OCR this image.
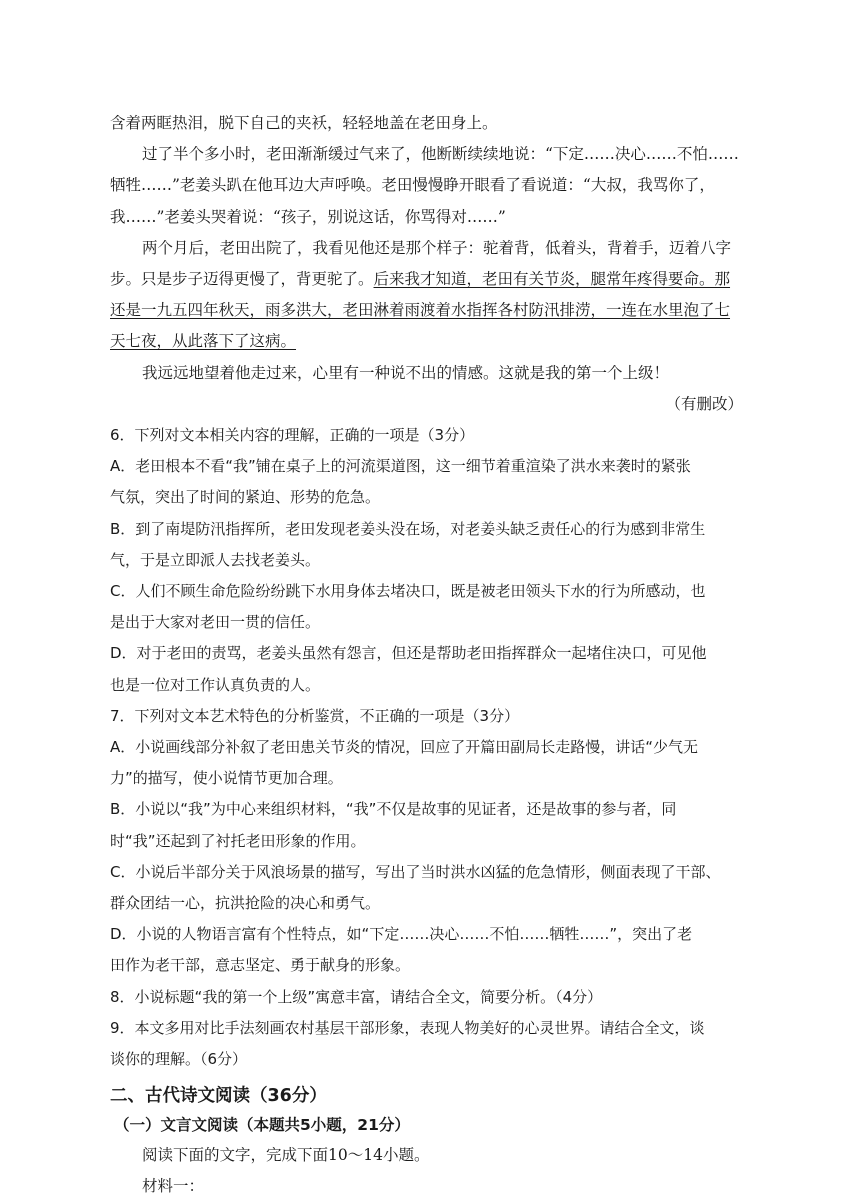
含着两眶热泪，脱下自己的夹袄，轻轻地盖在老田身上。
过了半个多小时，老田渐渐缓过气来了，他断断续续地说：“下定……决心……不怕……
牺牲……”老姜头趴在他耳边大声呼唤。老田慢慢睁开眼看了看说道：“大叔，我骂你了，
我……”老姜头哭着说：“孩子，别说这话，你骂得对……”
两个月后，老田出院了，我看见他还是那个样子：驼着背，低着头，背着手，迈着八字
步。只是步子迈得更慢了，背更驼了。后来我才知道，老田有关节炎，腿常年疼得要命。那
还是一九五四年秋天，雨多洪大，老田淋着雨渡着水指挥各村防汛排涝，一连在水里泡了七
天七夜，从此落下了这病。
我远远地望着他走过来，心里有一种说不出的情感。这就是我的第一个上级！
（有删改）
6．下列对文本相关内容的理解，正确的一项是（3分）
A．老田根本不看“我”铺在桌子上的河流渠道图，这一细节着重渲染了洪水来袭时的紧张
气氛，突出了时间的紧迫、形势的危急。
B．到了南堤防汛指挥所，老田发现老姜头没在场，对老姜头缺乏责任心的行为感到非常生
气，于是立即派人去找老姜头。
C．人们不顾生命危险纷纷跳下水用身体去堵决口，既是被老田领头下水的行为所感动，也
是出于大家对老田一贯的信任。
D．对于老田的责骂，老姜头虽然有怨言，但还是帮助老田指挥群众一起堵住决口，可见他
也是一位对工作认真负责的人。
7．下列对文本艺术特色的分析鉴赏，不正确的一项是（3分）
A．小说画线部分补叙了老田患关节炎的情况，回应了开篇田副局长走路慢，讲话“少气无
力”的描写，使小说情节更加合理。
B．小说以“我”为中心来组织材料，“我”不仅是故事的见证者，还是故事的参与者，同
时“我”还起到了衬托老田形象的作用。
C．小说后半部分关于风浪场景的描写，写出了当时洪水凶猛的危急情形，侧面表现了干部、
群众团结一心，抗洪抢险的决心和勇气。
D．小说的人物语言富有个性特点，如“下定……决心……不怕……牺牲……”，突出了老
田作为老干部，意志坚定、勇于献身的形象。
8．小说标题“我的第一个上级”寓意丰富，请结合全文，简要分析。（4分）
9．本文多用对比手法刻画农村基层干部形象，表现人物美好的心灵世界。请结合全文，谈
谈你的理解。（6分）
二、古代诗文阅读（36分）
（一）文言文阅读（本题共5小题，21分）
阅读下面的文字，完成下面10～14小题。
材料一：
